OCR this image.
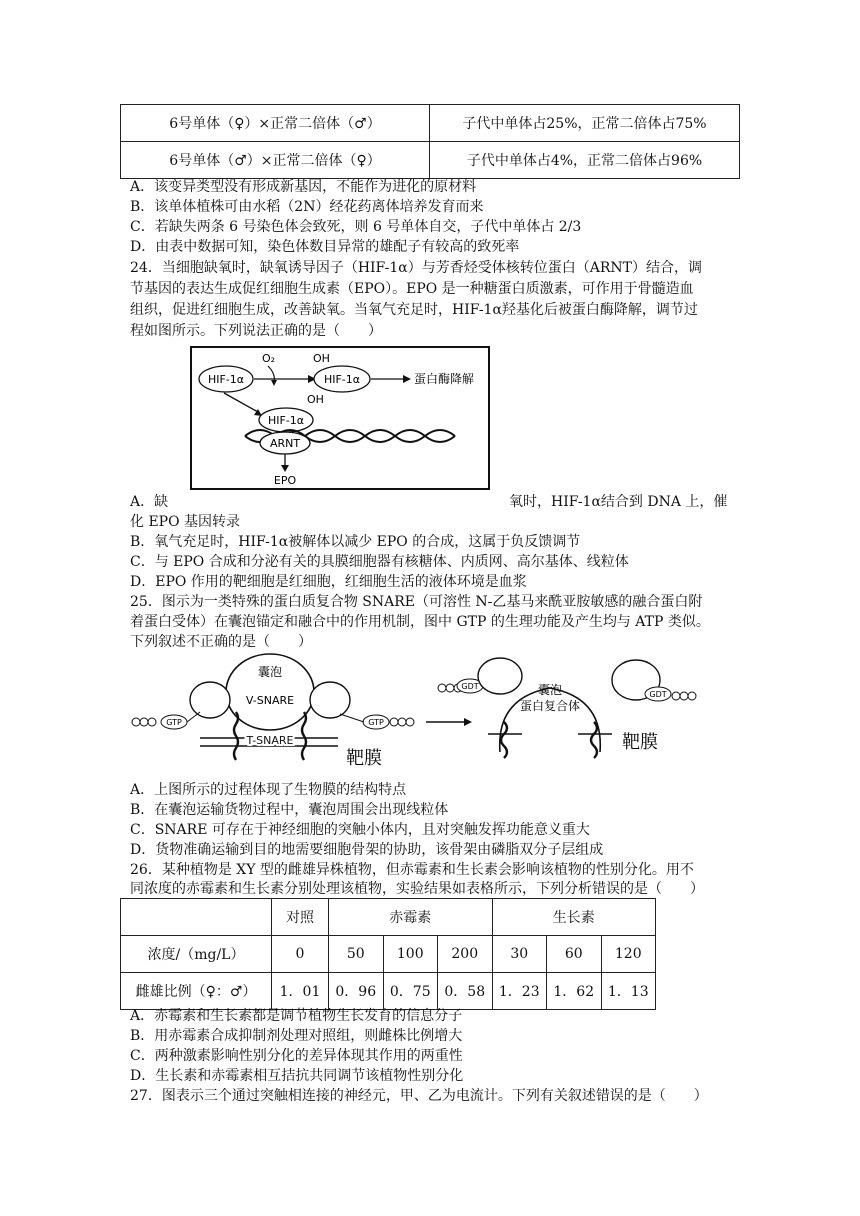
6号单体（♀）×正常二倍体（♂）	子代中单体占25%，正常二倍体占75%
6号单体（♂）×正常二倍体（♀）	子代中单体占4%，正常二倍体占96%
A．该变异类型没有形成新基因，不能作为进化的原材料
B．该单体植株可由水稻（2N）经花药离体培养发育而来
C．若缺失两条 6 号染色体会致死，则 6 号单体自交，子代中单体占 2/3
D．由表中数据可知，染色体数目异常的雄配子有较高的致死率
24．当细胞缺氧时，缺氧诱导因子（HIF-1α）与芳香烃受体核转位蛋白（ARNT）结合，调
节基因的表达生成促红细胞生成素（EPO）。EPO 是一种糖蛋白质激素，可作用于骨髓造血
组织，促进红细胞生成，改善缺氧。当氧气充足时，HIF-1α羟基化后被蛋白酶降解，调节过
程如图所示。下列说法正确的是（　　）
O₂	OH
HIF-1α	HIF-1α
OH
蛋白酶降解
HIF-1α
ARNT
EPO
A．缺	氧时，HIF-1α结合到 DNA 上，催
化 EPO 基因转录
B．氧气充足时，HIF-1α被解体以减少 EPO 的合成，这属于负反馈调节
C．与 EPO 合成和分泌有关的具膜细胞器有核糖体、内质网、高尔基体、线粒体
D．EPO 作用的靶细胞是红细胞，红细胞生活的液体环境是血浆
25．图示为一类特殊的蛋白质复合物 SNARE（可溶性 N-乙基马来酰亚胺敏感的融合蛋白附
着蛋白受体）在囊泡锚定和融合中的作用机制，图中 GTP 的生理功能及产生均与 ATP 类似。
下列叙述不正确的是（　　）
囊泡
V-SNARE
GTP	GTP
T-SNARE
靶膜
GDT	囊泡
蛋白复合体
GDT
靶膜
A．上图所示的过程体现了生物膜的结构特点
B．在囊泡运输货物过程中，囊泡周围会出现线粒体
C．SNARE 可存在于神经细胞的突触小体内，且对突触发挥功能意义重大
D．货物准确运输到目的地需要细胞骨架的协助，该骨架由磷脂双分子层组成
26．某种植物是 XY 型的雌雄异株植物，但赤霉素和生长素会影响该植物的性别分化。用不
同浓度的赤霉素和生长素分别处理该植物，实验结果如表格所示，下列分析错误的是（　　）
	对照	赤霉素			生长素		
浓度/（mg/L）	0	50	100	200	30	60	120
雌雄比例（♀：♂）	1．01	0．96	0．75	0．58	1．23	1．62	1．13
A．赤霉素和生长素都是调节植物生长发育的信息分子
B．用赤霉素合成抑制剂处理对照组，则雌株比例增大
C．两种激素影响性别分化的差异体现其作用的两重性
D．生长素和赤霉素相互拮抗共同调节该植物性别分化
27．图表示三个通过突触相连接的神经元，甲、乙为电流计。下列有关叙述错误的是（　　）
